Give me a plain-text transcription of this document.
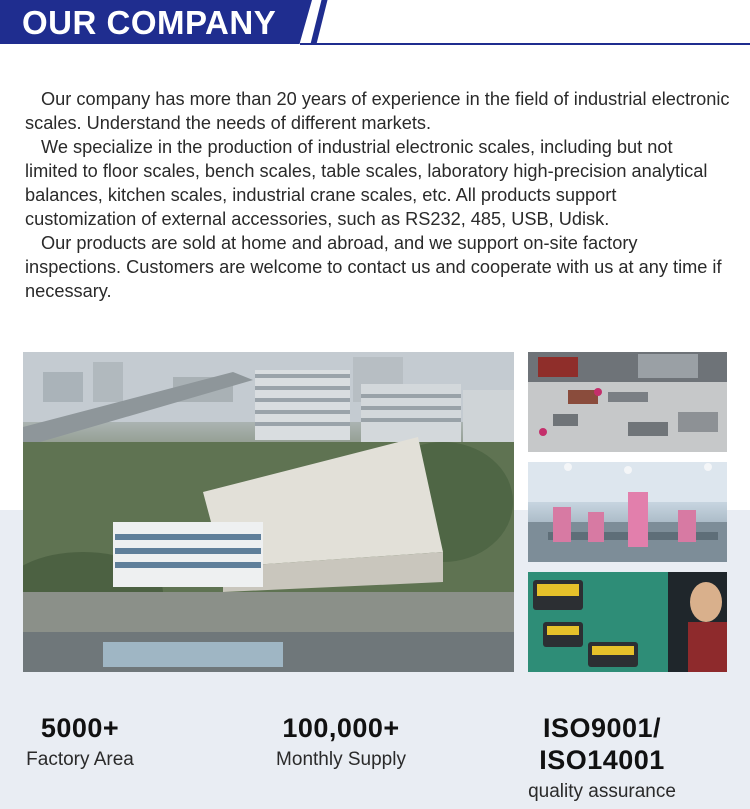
OUR COMPANY

Our company has more than 20 years of experience in the field of industrial electronic scales. Understand the needs of different markets.

We specialize in the production of industrial electronic scales, including but not limited to floor scales, bench scales, table scales, laboratory high-precision analytical balances, kitchen scales, industrial crane scales, etc. All products support customization of external accessories, such as RS232, 485, USB, Udisk.

Our products are sold at home and abroad, and we support on-site factory inspections. Customers are welcome to contact us and cooperate with us at any time if necessary.

5000+
Factory Area
100,000+
Monthly Supply
ISO9001/ ISO14001
quality assurance
